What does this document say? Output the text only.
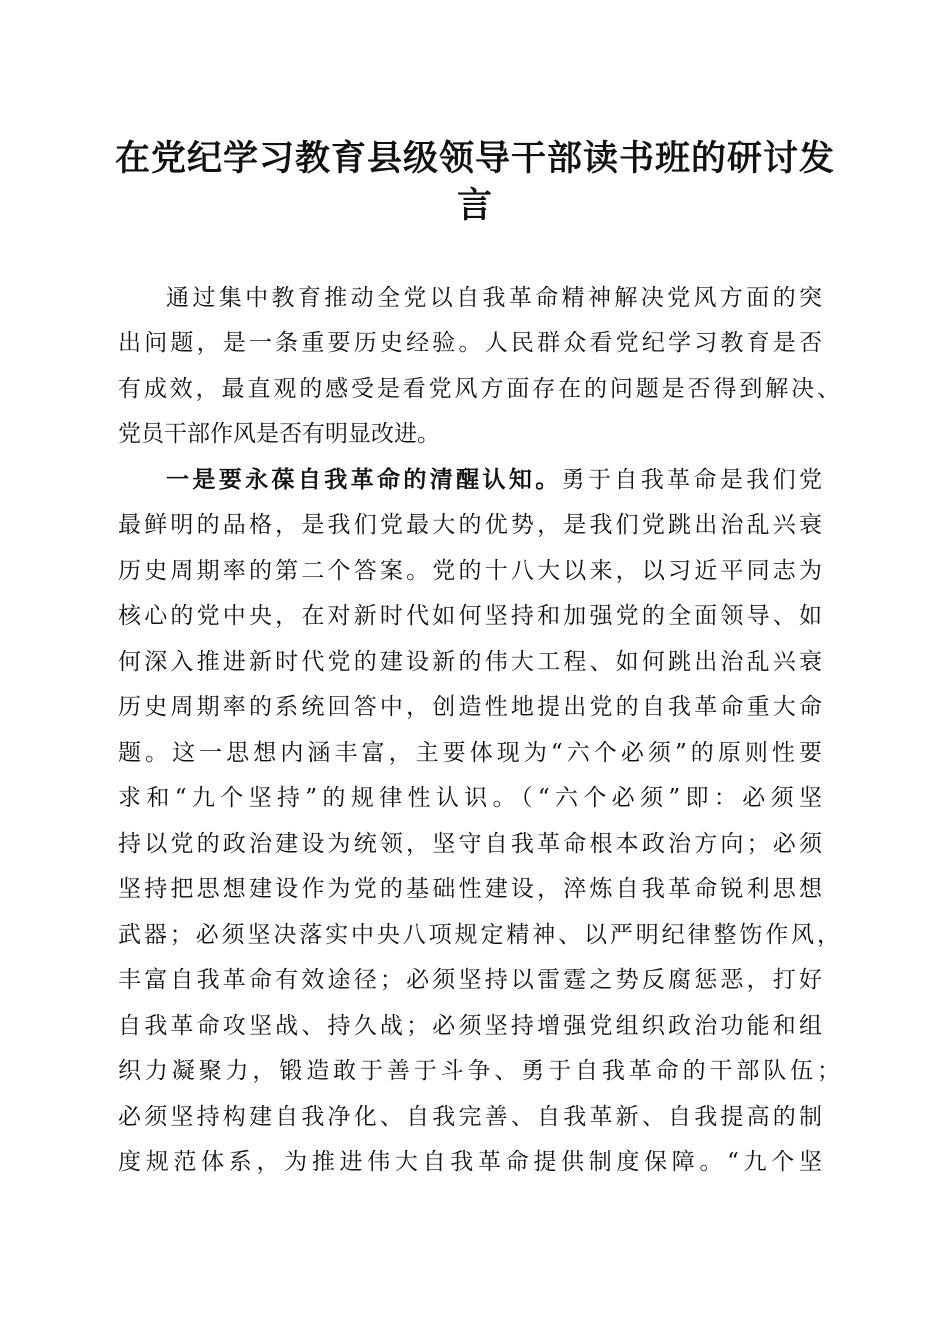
在党纪学习教育县级领导干部读书班的研讨发
言
通过集中教育推动全党以自我革命精神解决党风方面的突
出问题，是一条重要历史经验。人民群众看党纪学习教育是否
有成效，最直观的感受是看党风方面存在的问题是否得到解决、
党员干部作风是否有明显改进。
一是要永葆自我革命的清醒认知。勇于自我革命是我们党
最鲜明的品格，是我们党最大的优势，是我们党跳出治乱兴衰
历史周期率的第二个答案。党的十八大以来，以习近平同志为
核心的党中央，在对新时代如何坚持和加强党的全面领导、如
何深入推进新时代党的建设新的伟大工程、如何跳出治乱兴衰
历史周期率的系统回答中，创造性地提出党的自我革命重大命
题。这一思想内涵丰富，主要体现为“六个必须”的原则性要
求和“九个坚持”的规律性认识。（“六个必须”即：必须坚
持以党的政治建设为统领，坚守自我革命根本政治方向；必须
坚持把思想建设作为党的基础性建设，淬炼自我革命锐利思想
武器；必须坚决落实中央八项规定精神、以严明纪律整饬作风，
丰富自我革命有效途径；必须坚持以雷霆之势反腐惩恶，打好
自我革命攻坚战、持久战；必须坚持增强党组织政治功能和组
织力凝聚力，锻造敢于善于斗争、勇于自我革命的干部队伍；
必须坚持构建自我净化、自我完善、自我革新、自我提高的制
度规范体系，为推进伟大自我革命提供制度保障。“九个坚
